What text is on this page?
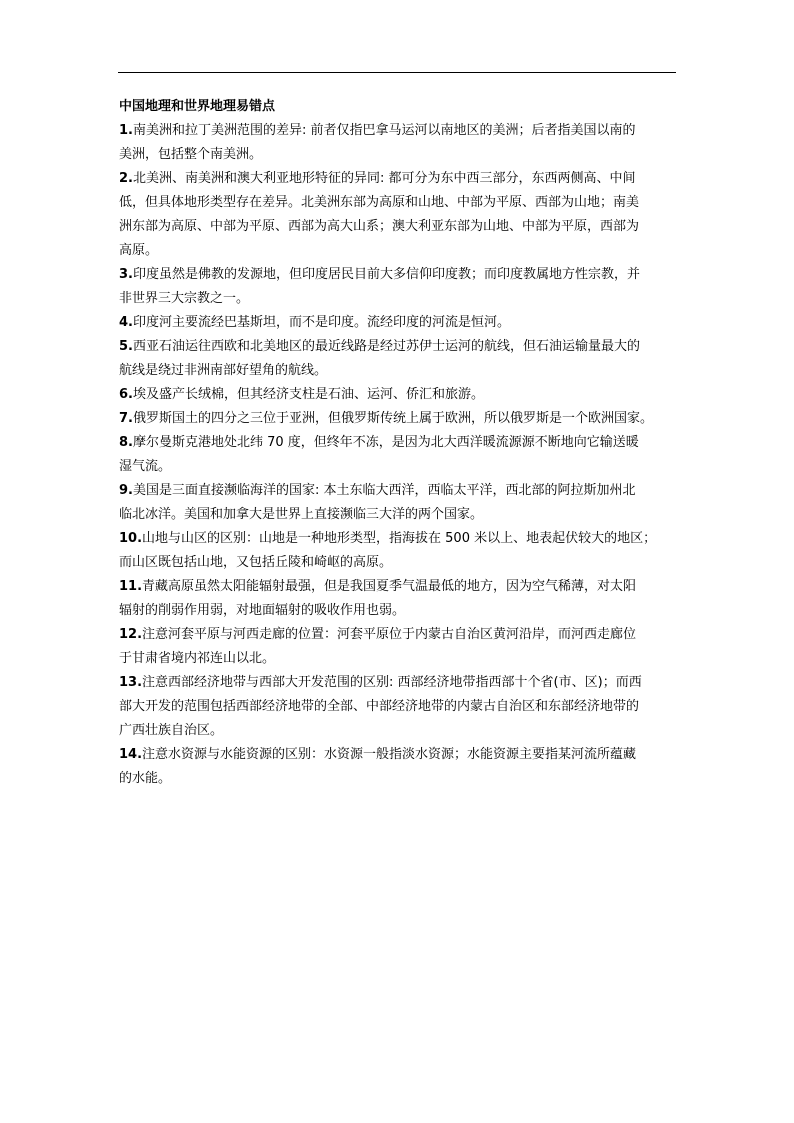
中国地理和世界地理易错点

1.南美洲和拉丁美洲范围的差异: 前者仅指巴拿马运河以南地区的美洲；后者指美国以南的
美洲，包括整个南美洲。

2.北美洲、南美洲和澳大利亚地形特征的异同: 都可分为东中西三部分，东西两侧高、中间
低，但具体地形类型存在差异。北美洲东部为高原和山地、中部为平原、西部为山地；南美
洲东部为高原、中部为平原、西部为高大山系；澳大利亚东部为山地、中部为平原，西部为
高原。

3.印度虽然是佛教的发源地，但印度居民目前大多信仰印度教；而印度教属地方性宗教，并
非世界三大宗教之一。

4.印度河主要流经巴基斯坦，而不是印度。流经印度的河流是恒河。

5.西亚石油运往西欧和北美地区的最近线路是经过苏伊士运河的航线，但石油运输量最大的
航线是绕过非洲南部好望角的航线。

6.埃及盛产长绒棉，但其经济支柱是石油、运河、侨汇和旅游。

7.俄罗斯国土的四分之三位于亚洲，但俄罗斯传统上属于欧洲，所以俄罗斯是一个欧洲国家。

8.摩尔曼斯克港地处北纬 70 度，但终年不冻，是因为北大西洋暖流源源不断地向它输送暖
湿气流。

9.美国是三面直接濒临海洋的国家: 本土东临大西洋，西临太平洋，西北部的阿拉斯加州北
临北冰洋。美国和加拿大是世界上直接濒临三大洋的两个国家。

10.山地与山区的区别：山地是一种地形类型，指海拔在 500 米以上、地表起伏较大的地区；
而山区既包括山地，又包括丘陵和崎岖的高原。

11.青藏高原虽然太阳能辐射最强，但是我国夏季气温最低的地方，因为空气稀薄，对太阳
辐射的削弱作用弱，对地面辐射的吸收作用也弱。

12.注意河套平原与河西走廊的位置：河套平原位于内蒙古自治区黄河沿岸，而河西走廊位
于甘肃省境内祁连山以北。

13.注意西部经济地带与西部大开发范围的区别: 西部经济地带指西部十个省(市、区)；而西
部大开发的范围包括西部经济地带的全部、中部经济地带的内蒙古自治区和东部经济地带的
广西壮族自治区。

14.注意水资源与水能资源的区别：水资源一般指淡水资源；水能资源主要指某河流所蕴藏
的水能。
